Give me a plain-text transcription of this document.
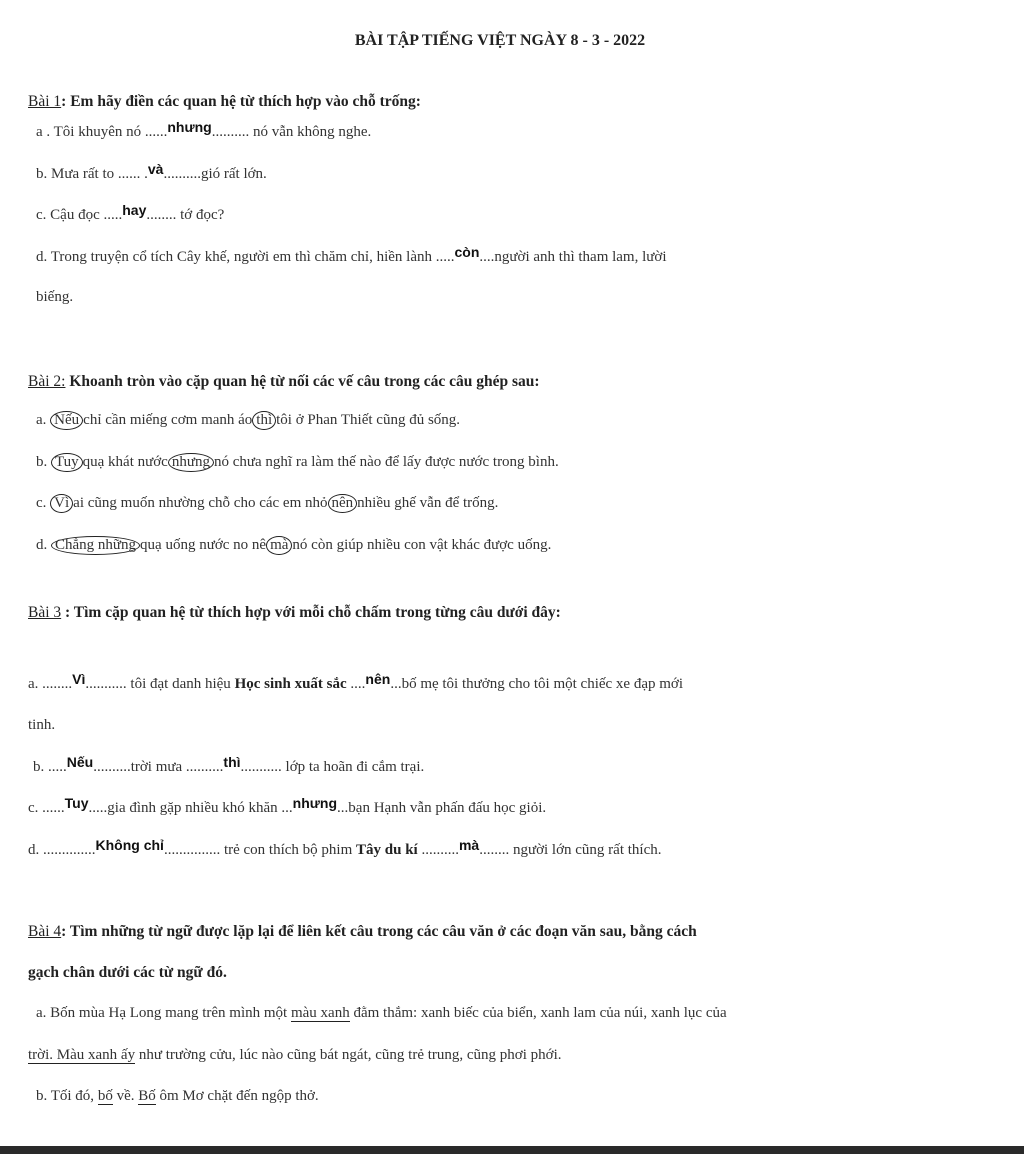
BÀI TẬP TIẾNG VIỆT NGÀY 8 - 3 - 2022
Bài 1: Em hãy điền các quan hệ từ thích hợp vào chỗ trống:
a . Tôi khuyên nó ......nhưng.......... nó vẫn không nghe.
b. Mưa rất to ...... .và..........gió rất lớn.
c. Cậu đọc .....hay........ tớ đọc?
d. Trong truyện cổ tích Cây khế, người em thì chăm chỉ, hiền lành .....còn....người anh thì tham lam, lười
biếng.
Bài 2: Khoanh tròn vào cặp quan hệ từ nối các vế câu trong các câu ghép sau:
a. Nếu chỉ cần miếng cơm manh áo thì tôi ở Phan Thiết cũng đủ sống.
b. Tuy quạ khát nước nhưng nó chưa nghĩ ra làm thế nào để lấy được nước trong bình.
c. Vì ai cũng muốn nhường chỗ cho các em nhỏ nên nhiều ghế vẫn để trống.
d. Chẳng những quạ uống nước no nê mà nó còn giúp nhiều con vật khác được uống.
Bài 3 : Tìm cặp quan hệ từ thích hợp với mỗi chỗ chấm trong từng câu dưới đây:
a. ........Vì........... tôi đạt danh hiệu Học sinh xuất sắc ....nên...bố mẹ tôi thưởng cho tôi một chiếc xe đạp mới
tinh.
b. .....Nếu..........trời mưa ..........thì........... lớp ta hoãn đi cắm trại.
c. ......Tuy.....gia đình gặp nhiều khó khăn ...nhưng...bạn Hạnh vẫn phấn đấu học giỏi.
d. ..............Không chỉ............... trẻ con thích bộ phim Tây du kí ..........mà........ người lớn cũng rất thích.
Bài 4: Tìm những từ ngữ được lặp lại để liên kết câu trong các câu văn ở các đoạn văn sau, bằng cách
gạch chân dưới các từ ngữ đó.
a. Bốn mùa Hạ Long mang trên mình một màu xanh đằm thắm: xanh biếc của biển, xanh lam của núi, xanh lục của
trời. Màu xanh ấy như trường cửu, lúc nào cũng bát ngát, cũng trẻ trung, cũng phơi phới.
b. Tối đó, bố về. Bố ôm Mơ chặt đến ngộp thở.
